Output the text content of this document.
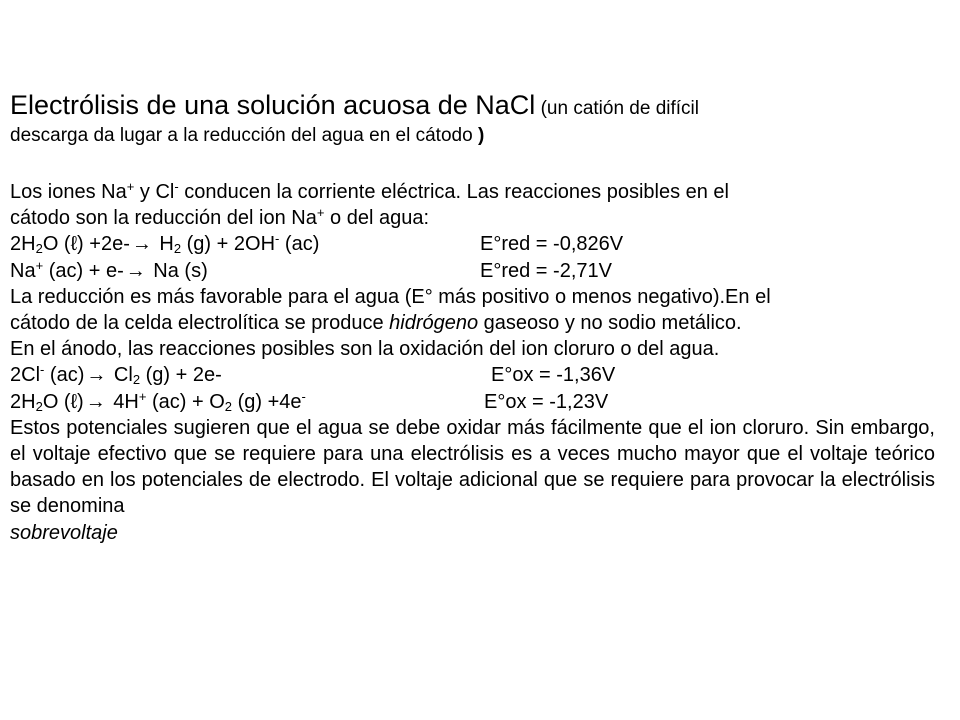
Electrólisis de una solución acuosa de NaCl (un catión de difícil

descarga da lugar a la reducción del agua en el cátodo )

Los iones Na+ y Cl- conducen la corriente eléctrica. Las reacciones posibles en el

cátodo son la reducción del ion Na+ o del agua:

$2H_2O$ (ℓ) $+2e- \to H_2$ (g) + 2OH- (ac)	E°red = -0,826V

Na+ (ac) + e- → Na (s)	E°red = -2,71V

La reducción es más favorable para el agua (E° más positivo o menos negativo).En el

cátodo de la celda electrolítica se produce hidrógeno gaseoso y no sodio metálico.

En el ánodo, las reacciones posibles son la oxidación del ion cloruro o del agua.

2Cl- $(ac) \to Cl_2$ (g) + 2e-	E°ox = -1,36V

$2H_2O$ (ℓ) → 4H+ $(ac) + O_2$ (g) +4e-	E°ox = -1,23V

Estos potenciales sugieren que el agua se debe oxidar más fácilmente que el ion cloruro. Sin embargo, el voltaje efectivo que se requiere para una electrólisis es a veces mucho mayor que el voltaje teórico basado en los potenciales de electrodo. El voltaje adicional que se requiere para provocar la electrólisis se denomina
sobrevoltaje
